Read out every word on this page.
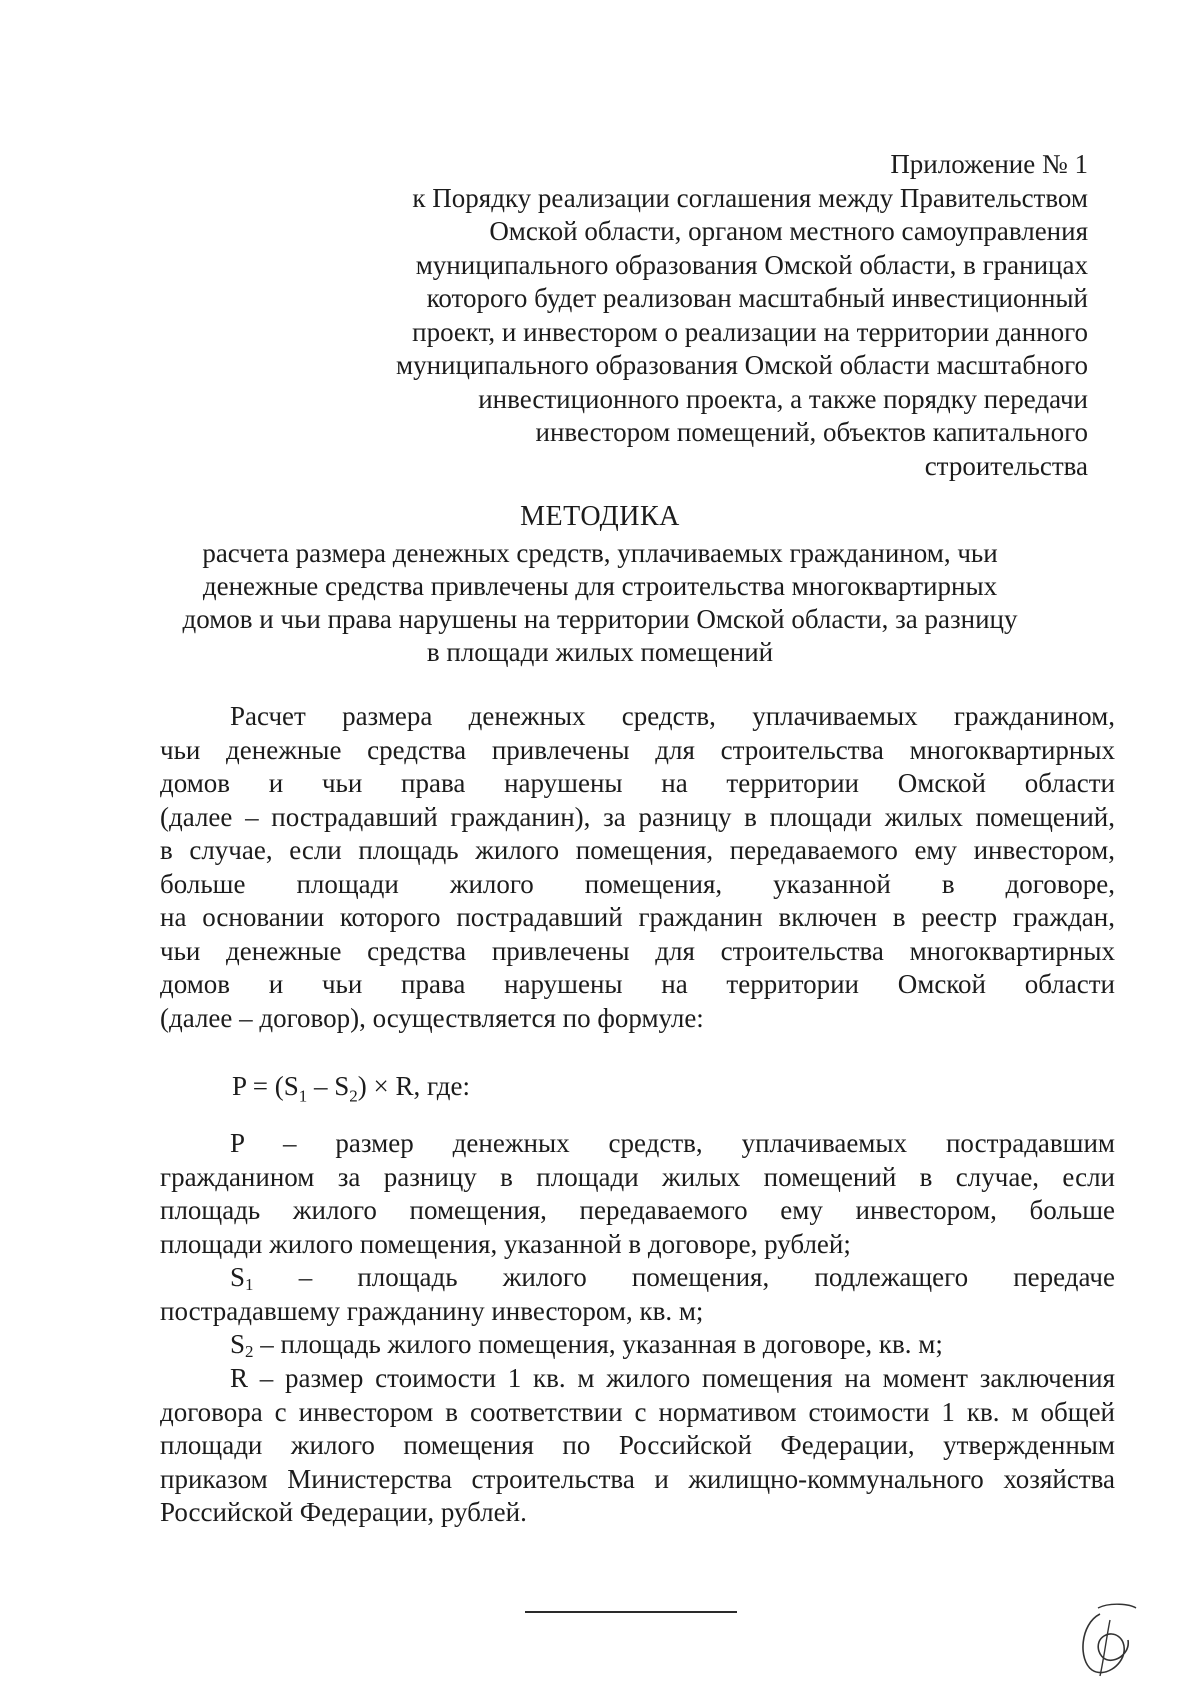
Приложение № 1
к Порядку реализации соглашения между Правительством
Омской области, органом местного самоуправления
муниципального образования Омской области, в границах
которого будет реализован масштабный инвестиционный
проект, и инвестором о реализации на территории данного
муниципального образования Омской области масштабного
инвестиционного проекта, а также порядку передачи
инвестором помещений, объектов капитального
строительства
МЕТОДИКА
расчета размера денежных средств, уплачиваемых гражданином, чьи
денежные средства привлечены для строительства многоквартирных
домов и чьи права нарушены на территории Омской области, за разницу
в площади жилых помещений
Расчет размера денежных средств, уплачиваемых гражданином,
чьи денежные средства привлечены для строительства многоквартирных
домов и чьи права нарушены на территории Омской области
(далее – пострадавший гражданин), за разницу в площади жилых помещений,
в случае, если площадь жилого помещения, передаваемого ему инвестором,
больше площади жилого помещения, указанной в договоре,
на основании которого пострадавший гражданин включен в реестр граждан,
чьи денежные средства привлечены для строительства многоквартирных
домов и чьи права нарушены на территории Омской области
(далее – договор), осуществляется по формуле:
$P = (S_1 - S_2) \times R$, где:
P – размер денежных средств, уплачиваемых пострадавшим
гражданином за разницу в площади жилых помещений в случае, если
площадь жилого помещения, передаваемого ему инвестором, больше
площади жилого помещения, указанной в договоре, рублей;
S1 – площадь жилого помещения, подлежащего передаче
пострадавшему гражданину инвестором, кв. м;
S2 – площадь жилого помещения, указанная в договоре, кв. м;
R – размер стоимости 1 кв. м жилого помещения на момент заключения
договора с инвестором в соответствии с нормативом стоимости 1 кв. м общей
площади жилого помещения по Российской Федерации, утвержденным
приказом Министерства строительства и жилищно-коммунального хозяйства
Российской Федерации, рублей.
